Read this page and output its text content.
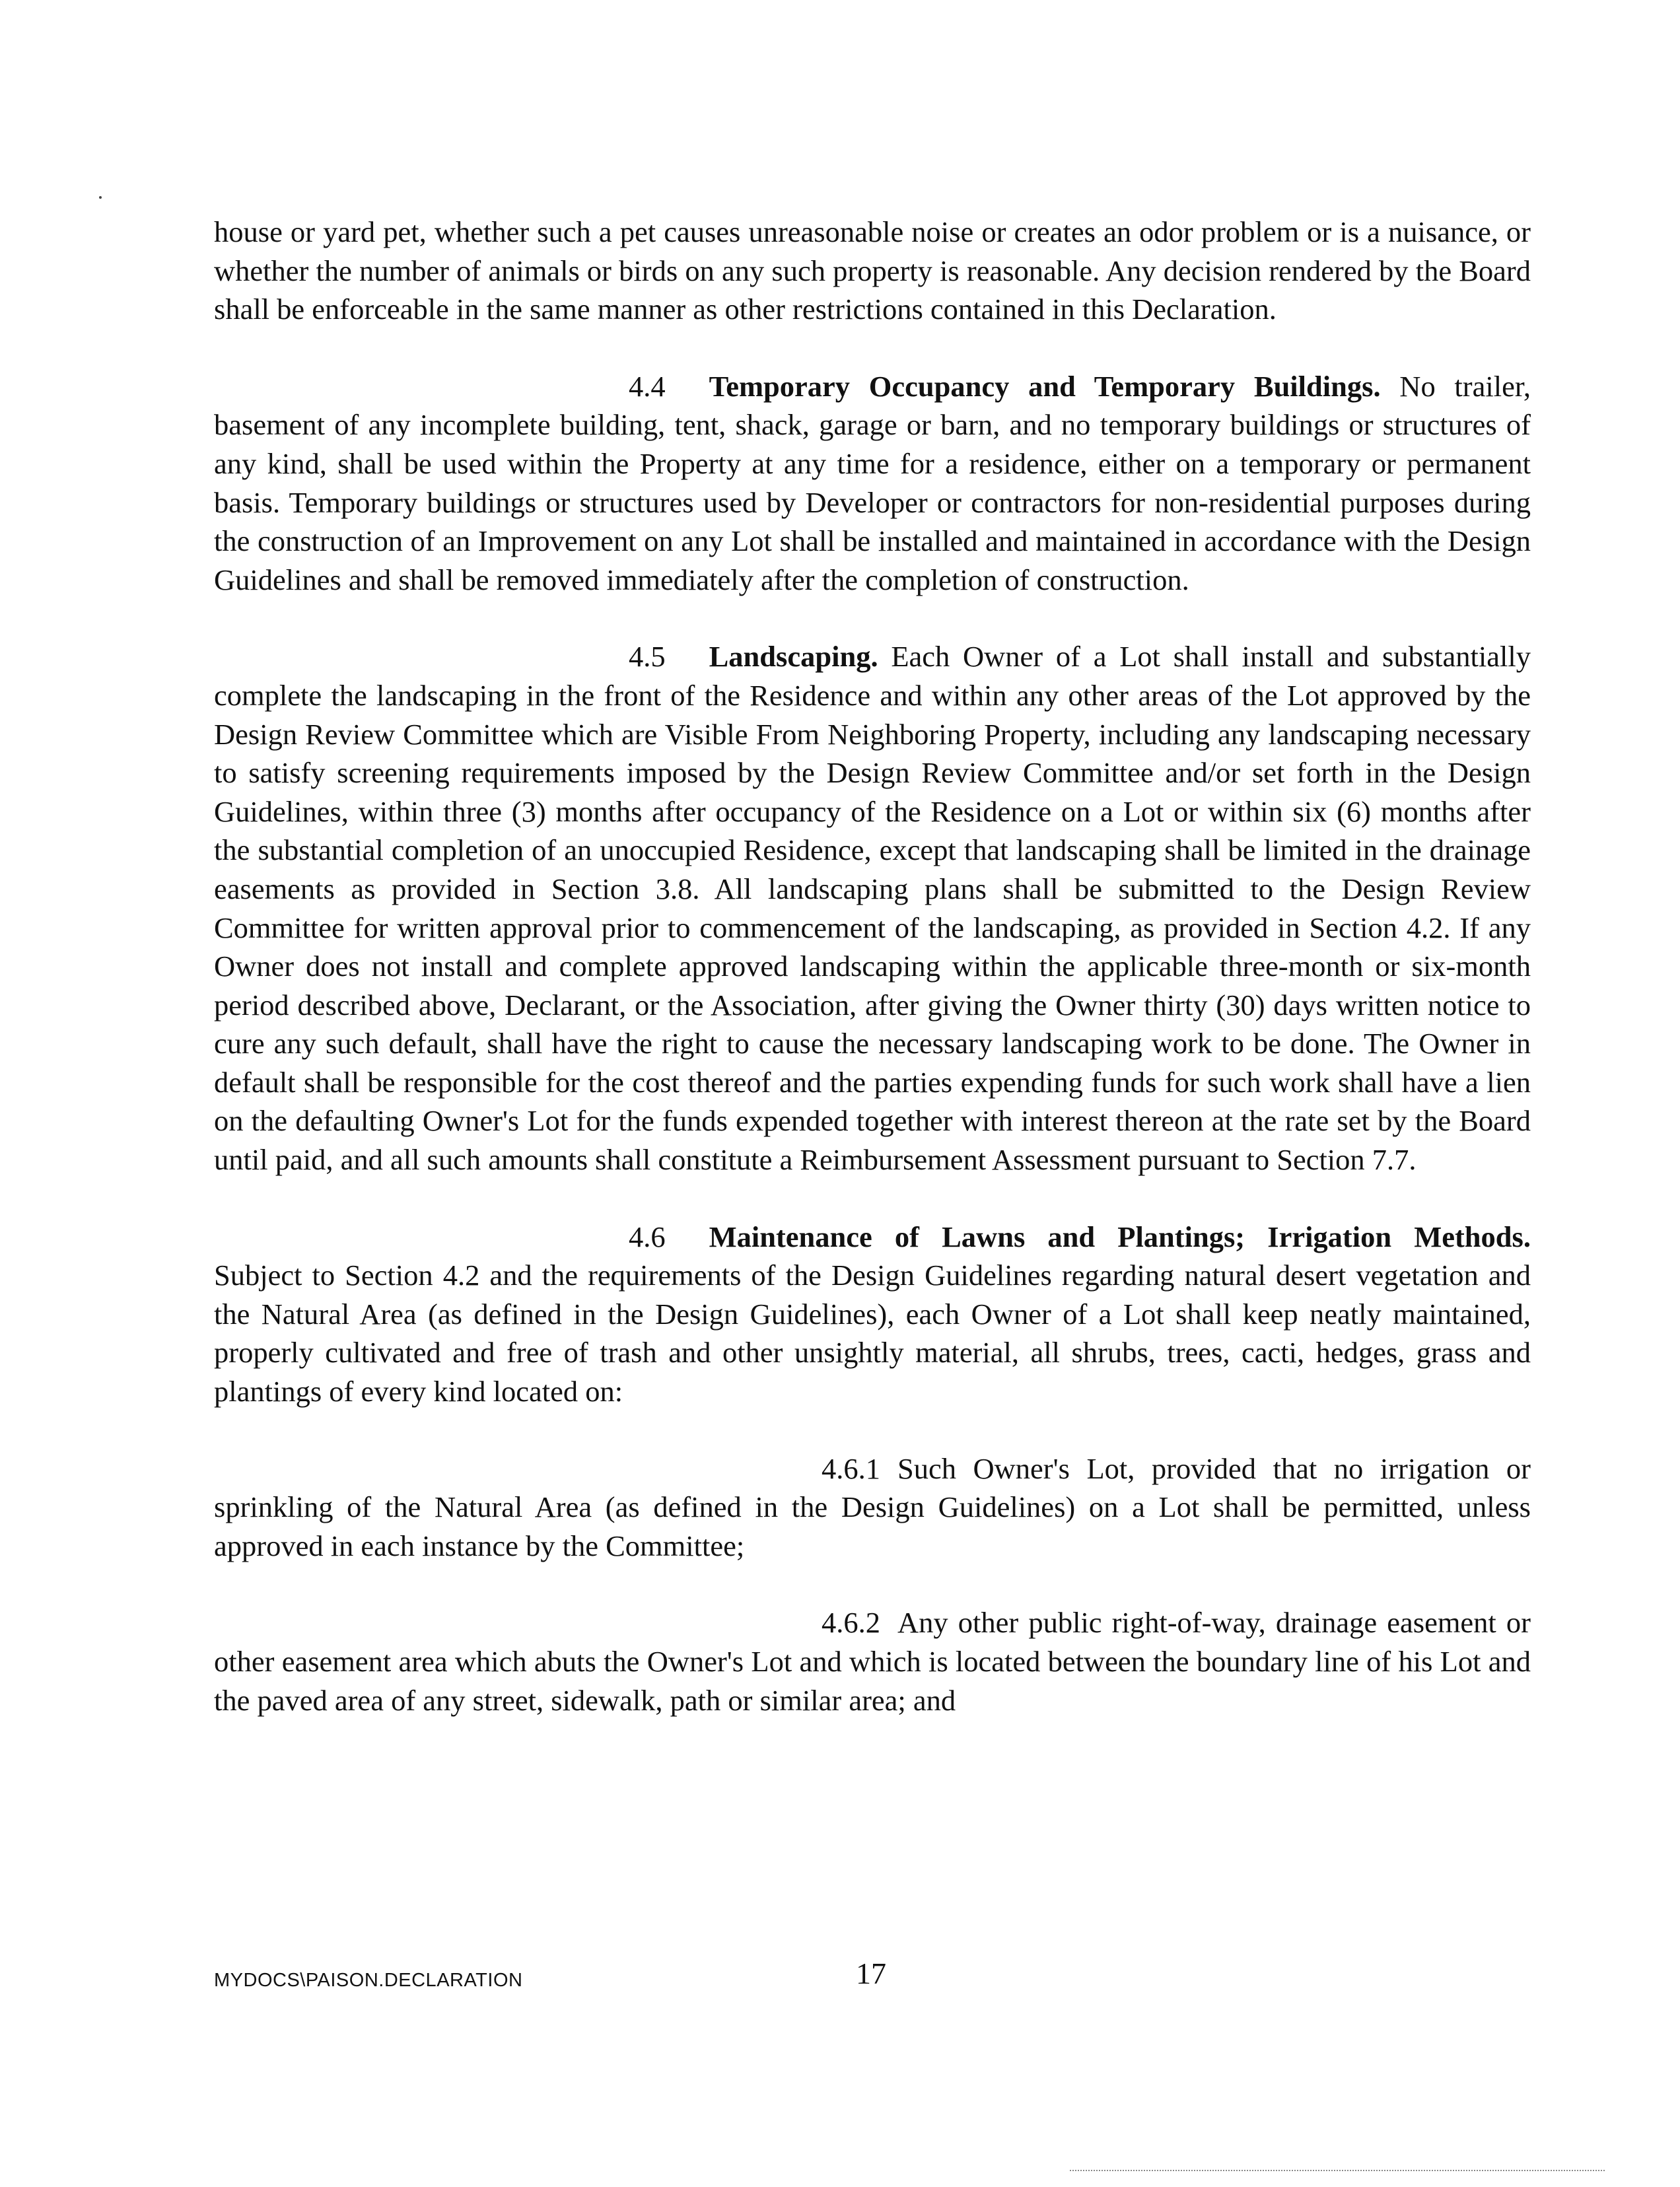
house or yard pet, whether such a pet causes unreasonable noise or creates an odor problem or is a nuisance, or whether the number of animals or birds on any such property is reasonable. Any decision rendered by the Board shall be enforceable in the same manner as other restrictions contained in this Declaration.

4.4 Temporary Occupancy and Temporary Buildings. No trailer, basement of any incomplete building, tent, shack, garage or barn, and no temporary buildings or structures of any kind, shall be used within the Property at any time for a residence, either on a temporary or permanent basis. Temporary buildings or structures used by Developer or contractors for non-residential purposes during the construction of an Improvement on any Lot shall be installed and maintained in accordance with the Design Guidelines and shall be removed immediately after the completion of construction.

4.5 Landscaping. Each Owner of a Lot shall install and substantially complete the landscaping in the front of the Residence and within any other areas of the Lot approved by the Design Review Committee which are Visible From Neighboring Property, including any landscaping necessary to satisfy screening requirements imposed by the Design Review Committee and/or set forth in the Design Guidelines, within three (3) months after occupancy of the Residence on a Lot or within six (6) months after the substantial completion of an unoccupied Residence, except that landscaping shall be limited in the drainage easements as provided in Section 3.8. All landscaping plans shall be submitted to the Design Review Committee for written approval prior to commencement of the landscaping, as provided in Section 4.2. If any Owner does not install and complete approved landscaping within the applicable three-month or six-month period described above, Declarant, or the Association, after giving the Owner thirty (30) days written notice to cure any such default, shall have the right to cause the necessary landscaping work to be done. The Owner in default shall be responsible for the cost thereof and the parties expending funds for such work shall have a lien on the defaulting Owner's Lot for the funds expended together with interest thereon at the rate set by the Board until paid, and all such amounts shall constitute a Reimbursement Assessment pursuant to Section 7.7.

4.6 Maintenance of Lawns and Plantings; Irrigation Methods. Subject to Section 4.2 and the requirements of the Design Guidelines regarding natural desert vegetation and the Natural Area (as defined in the Design Guidelines), each Owner of a Lot shall keep neatly maintained, properly cultivated and free of trash and other unsightly material, all shrubs, trees, cacti, hedges, grass and plantings of every kind located on:

4.6.1 Such Owner's Lot, provided that no irrigation or sprinkling of the Natural Area (as defined in the Design Guidelines) on a Lot shall be permitted, unless approved in each instance by the Committee;

4.6.2 Any other public right-of-way, drainage easement or other easement area which abuts the Owner's Lot and which is located between the boundary line of his Lot and the paved area of any street, sidewalk, path or similar area; and

MYDOCS\PAISON.DECLARATION	17
